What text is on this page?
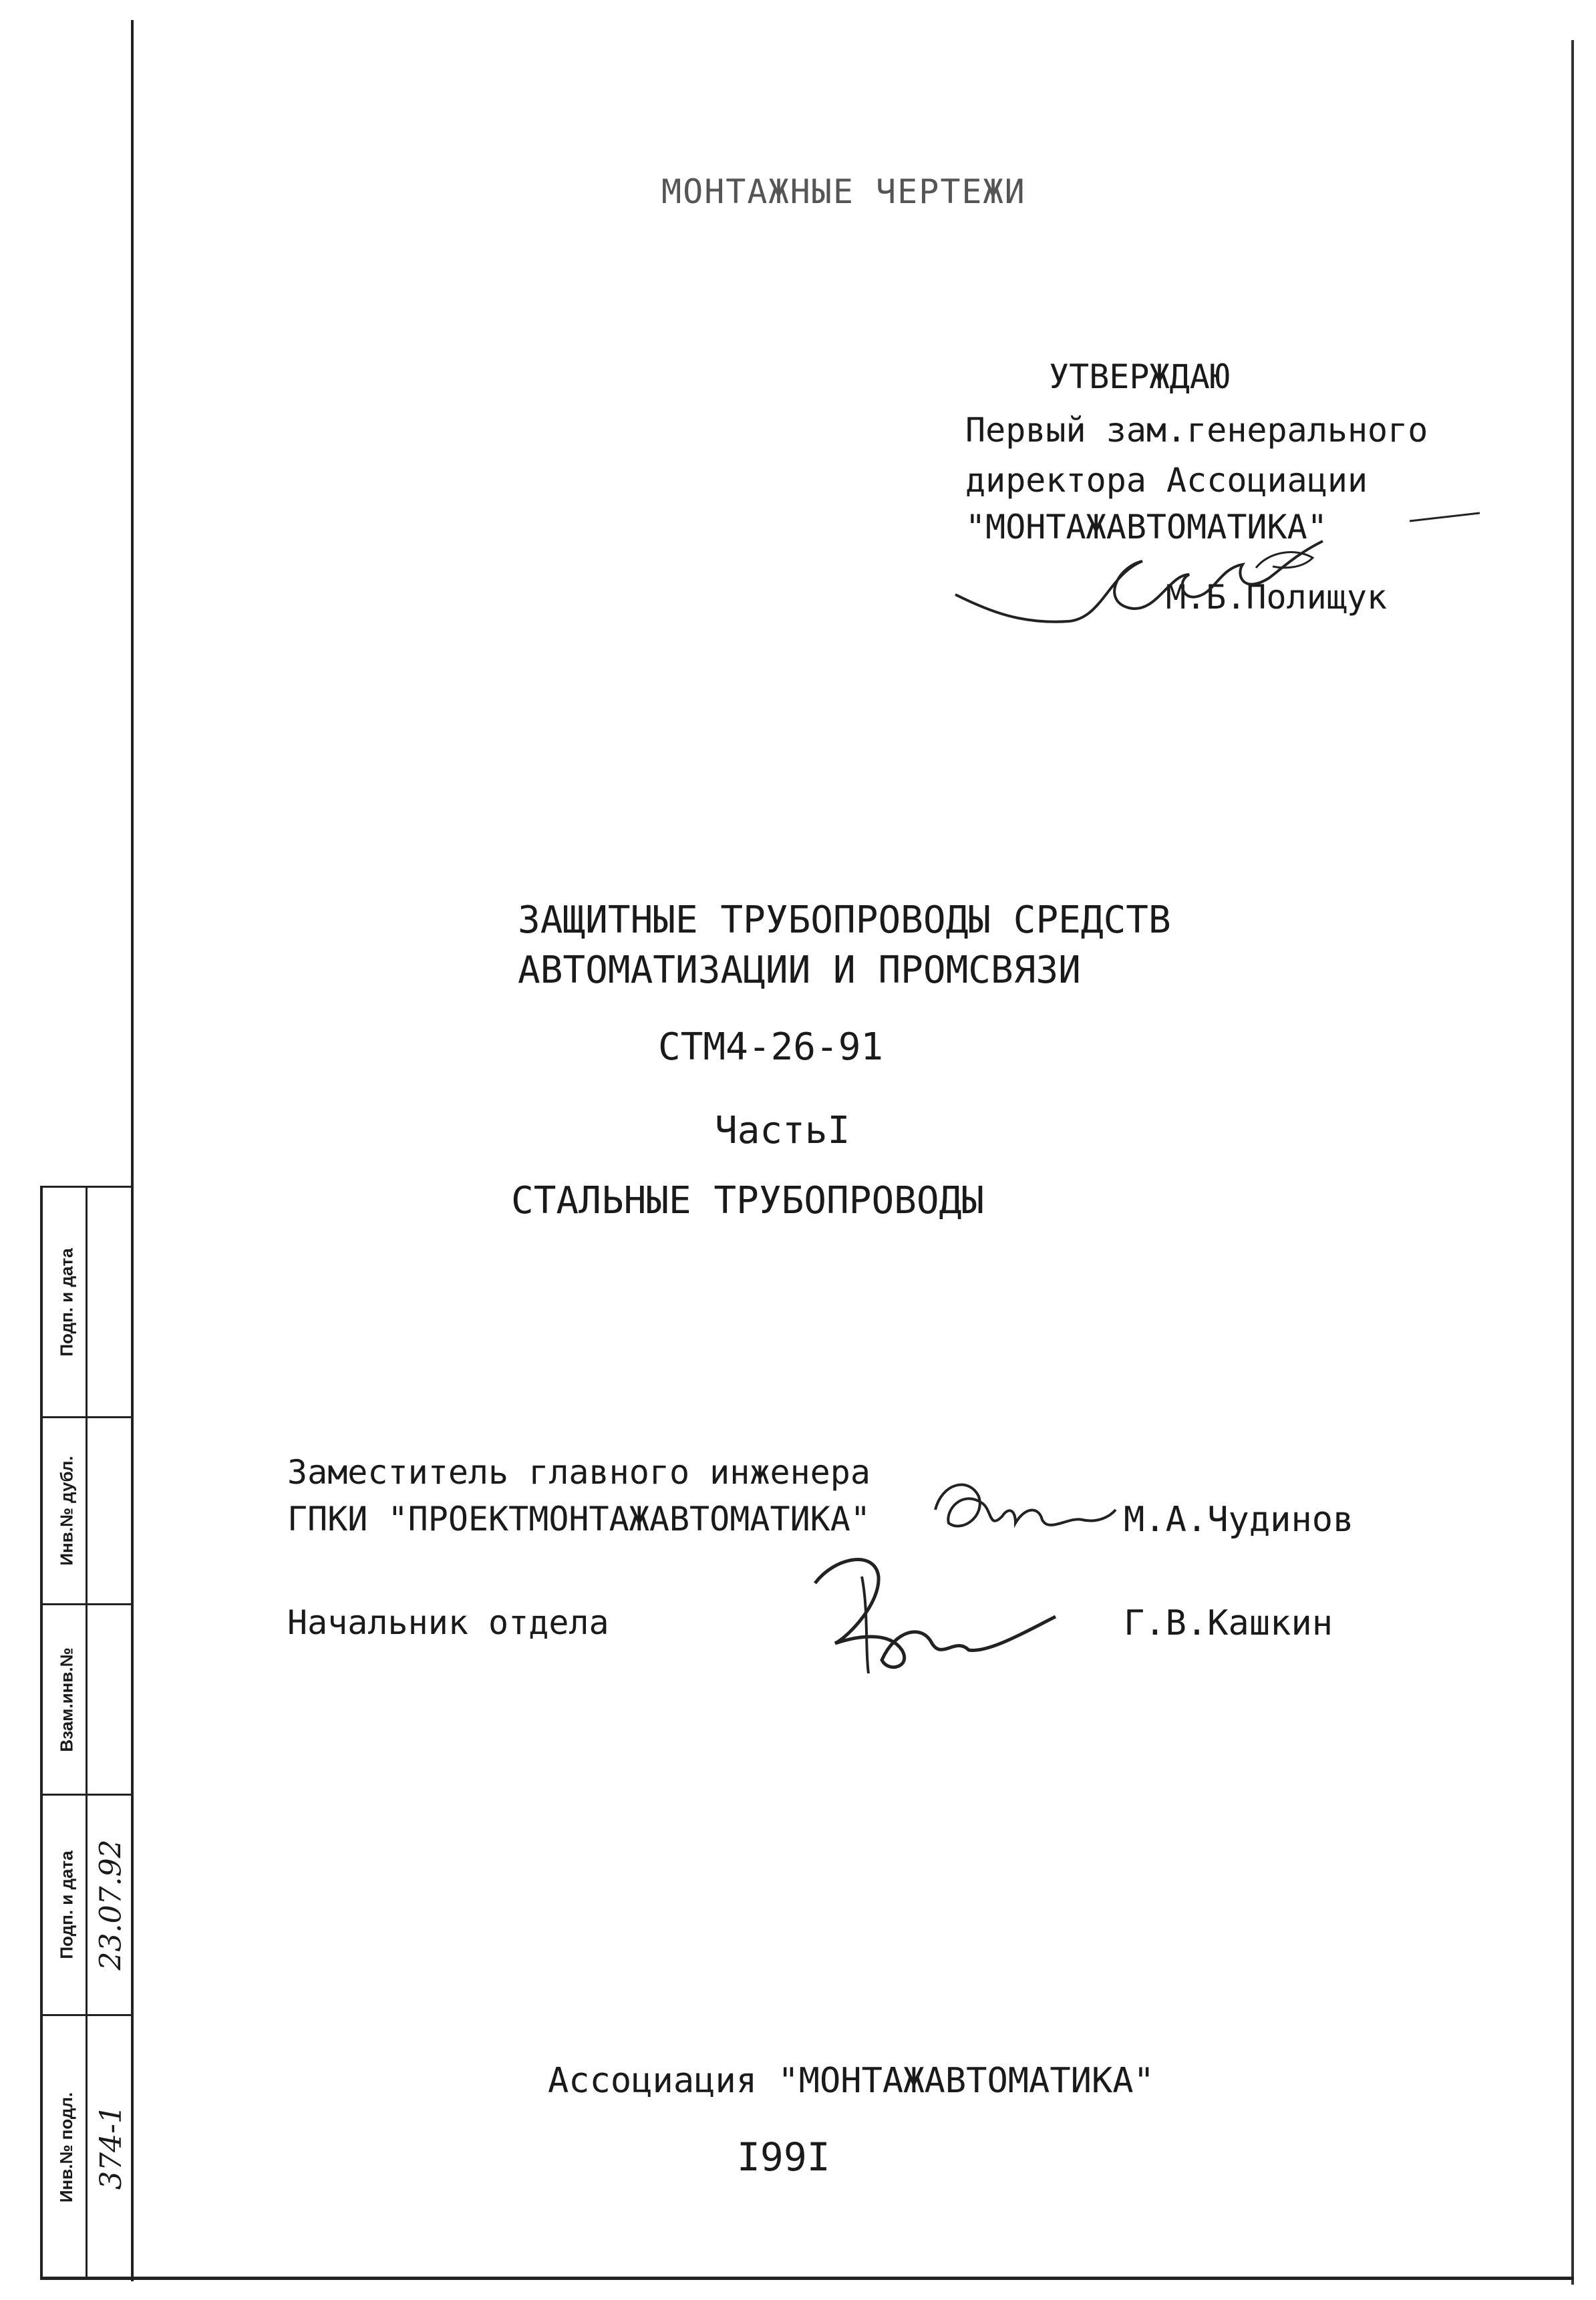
МОНТАЖНЫЕ ЧЕРТЕЖИ
УТВЕРЖДАЮ
Первый зам.генерального
директора Ассоциации
"МОНТАЖАВТОМАТИКА"
М.Б.Полищук
ЗАЩИТНЫЕ ТРУБОПРОВОДЫ СРЕДСТВ
АВТОМАТИЗАЦИИ И ПРОМСВЯЗИ
СТМ4-26-91
ЧастьI
СТАЛЬНЫЕ ТРУБОПРОВОДЫ
Заместитель главного инженера
ГПКИ "ПРОЕКТМОНТАЖАВТОМАТИКА"	М.А.Чудинов
Начальник отдела	Г.В.Кашкин
Ассоциация "МОНТАЖАВТОМАТИКА"
I99I
Инв.№ подл. 374-1
Подп. и дата 23.07.92
Взам.инв.№
Инв.№ дубл.
Подп. и дата
